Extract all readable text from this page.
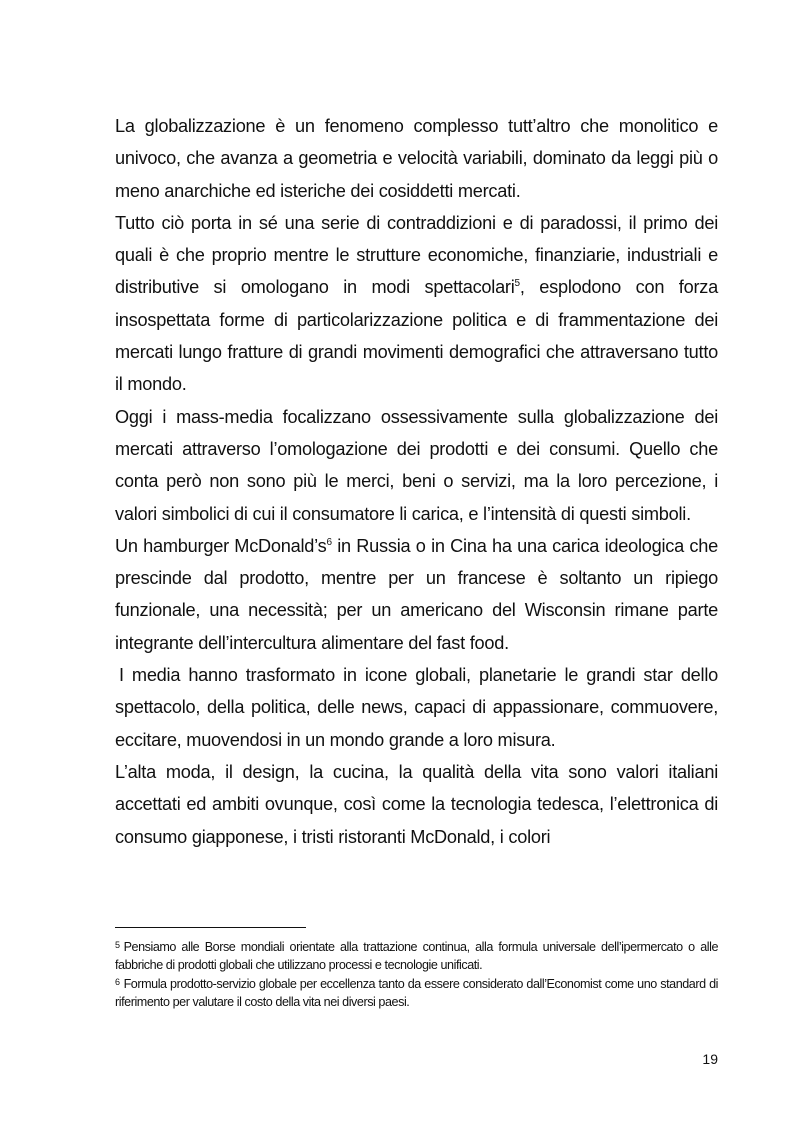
La globalizzazione è un fenomeno complesso tutt’altro che monolitico e univoco, che avanza a geometria e velocità variabili, dominato da leggi più o meno anarchiche ed isteriche dei cosiddetti mercati.

Tutto ciò porta in sé una serie di contraddizioni e di paradossi, il primo dei quali è che proprio mentre le strutture economiche, finanziarie, industriali e distributive si omologano in modi spettacolari$^5$, esplodono con forza insospettata forme di particolarizzazione politica e di frammentazione dei mercati lungo fratture di grandi movimenti demografici che attraversano tutto il mondo.

Oggi i mass-media focalizzano ossessivamente sulla globalizzazione dei mercati attraverso l’omologazione dei prodotti e dei consumi. Quello che conta però non sono più le merci, beni o servizi, ma la loro percezione, i valori simbolici di cui il consumatore li carica, e l’intensità di questi simboli.

Un hamburger $McDonald’s^6$ in Russia o in Cina ha una carica ideologica che prescinde dal prodotto, mentre per un francese è soltanto un ripiego funzionale, una necessità; per un americano del Wisconsin rimane parte integrante dell’intercultura alimentare del fast food.

I media hanno trasformato in icone globali, planetarie le grandi star dello spettacolo, della politica, delle news, capaci di appassionare, commuovere, eccitare, muovendosi in un mondo grande a loro misura.

L’alta moda, il design, la cucina, la qualità della vita sono valori italiani accettati ed ambiti ovunque, così come la tecnologia tedesca, l’elettronica di consumo giapponese, i tristi ristoranti McDonald, i colori

$^5$ Pensiamo alle Borse mondiali orientate alla trattazione continua, alla formula universale dell’ipermercato o alle fabbriche di prodotti globali che utilizzano processi e tecnologie unificati.

$^6$ Formula prodotto-servizio globale per eccellenza tanto da essere considerato dall’Economist come uno standard di riferimento per valutare il costo della vita nei diversi paesi.

19
